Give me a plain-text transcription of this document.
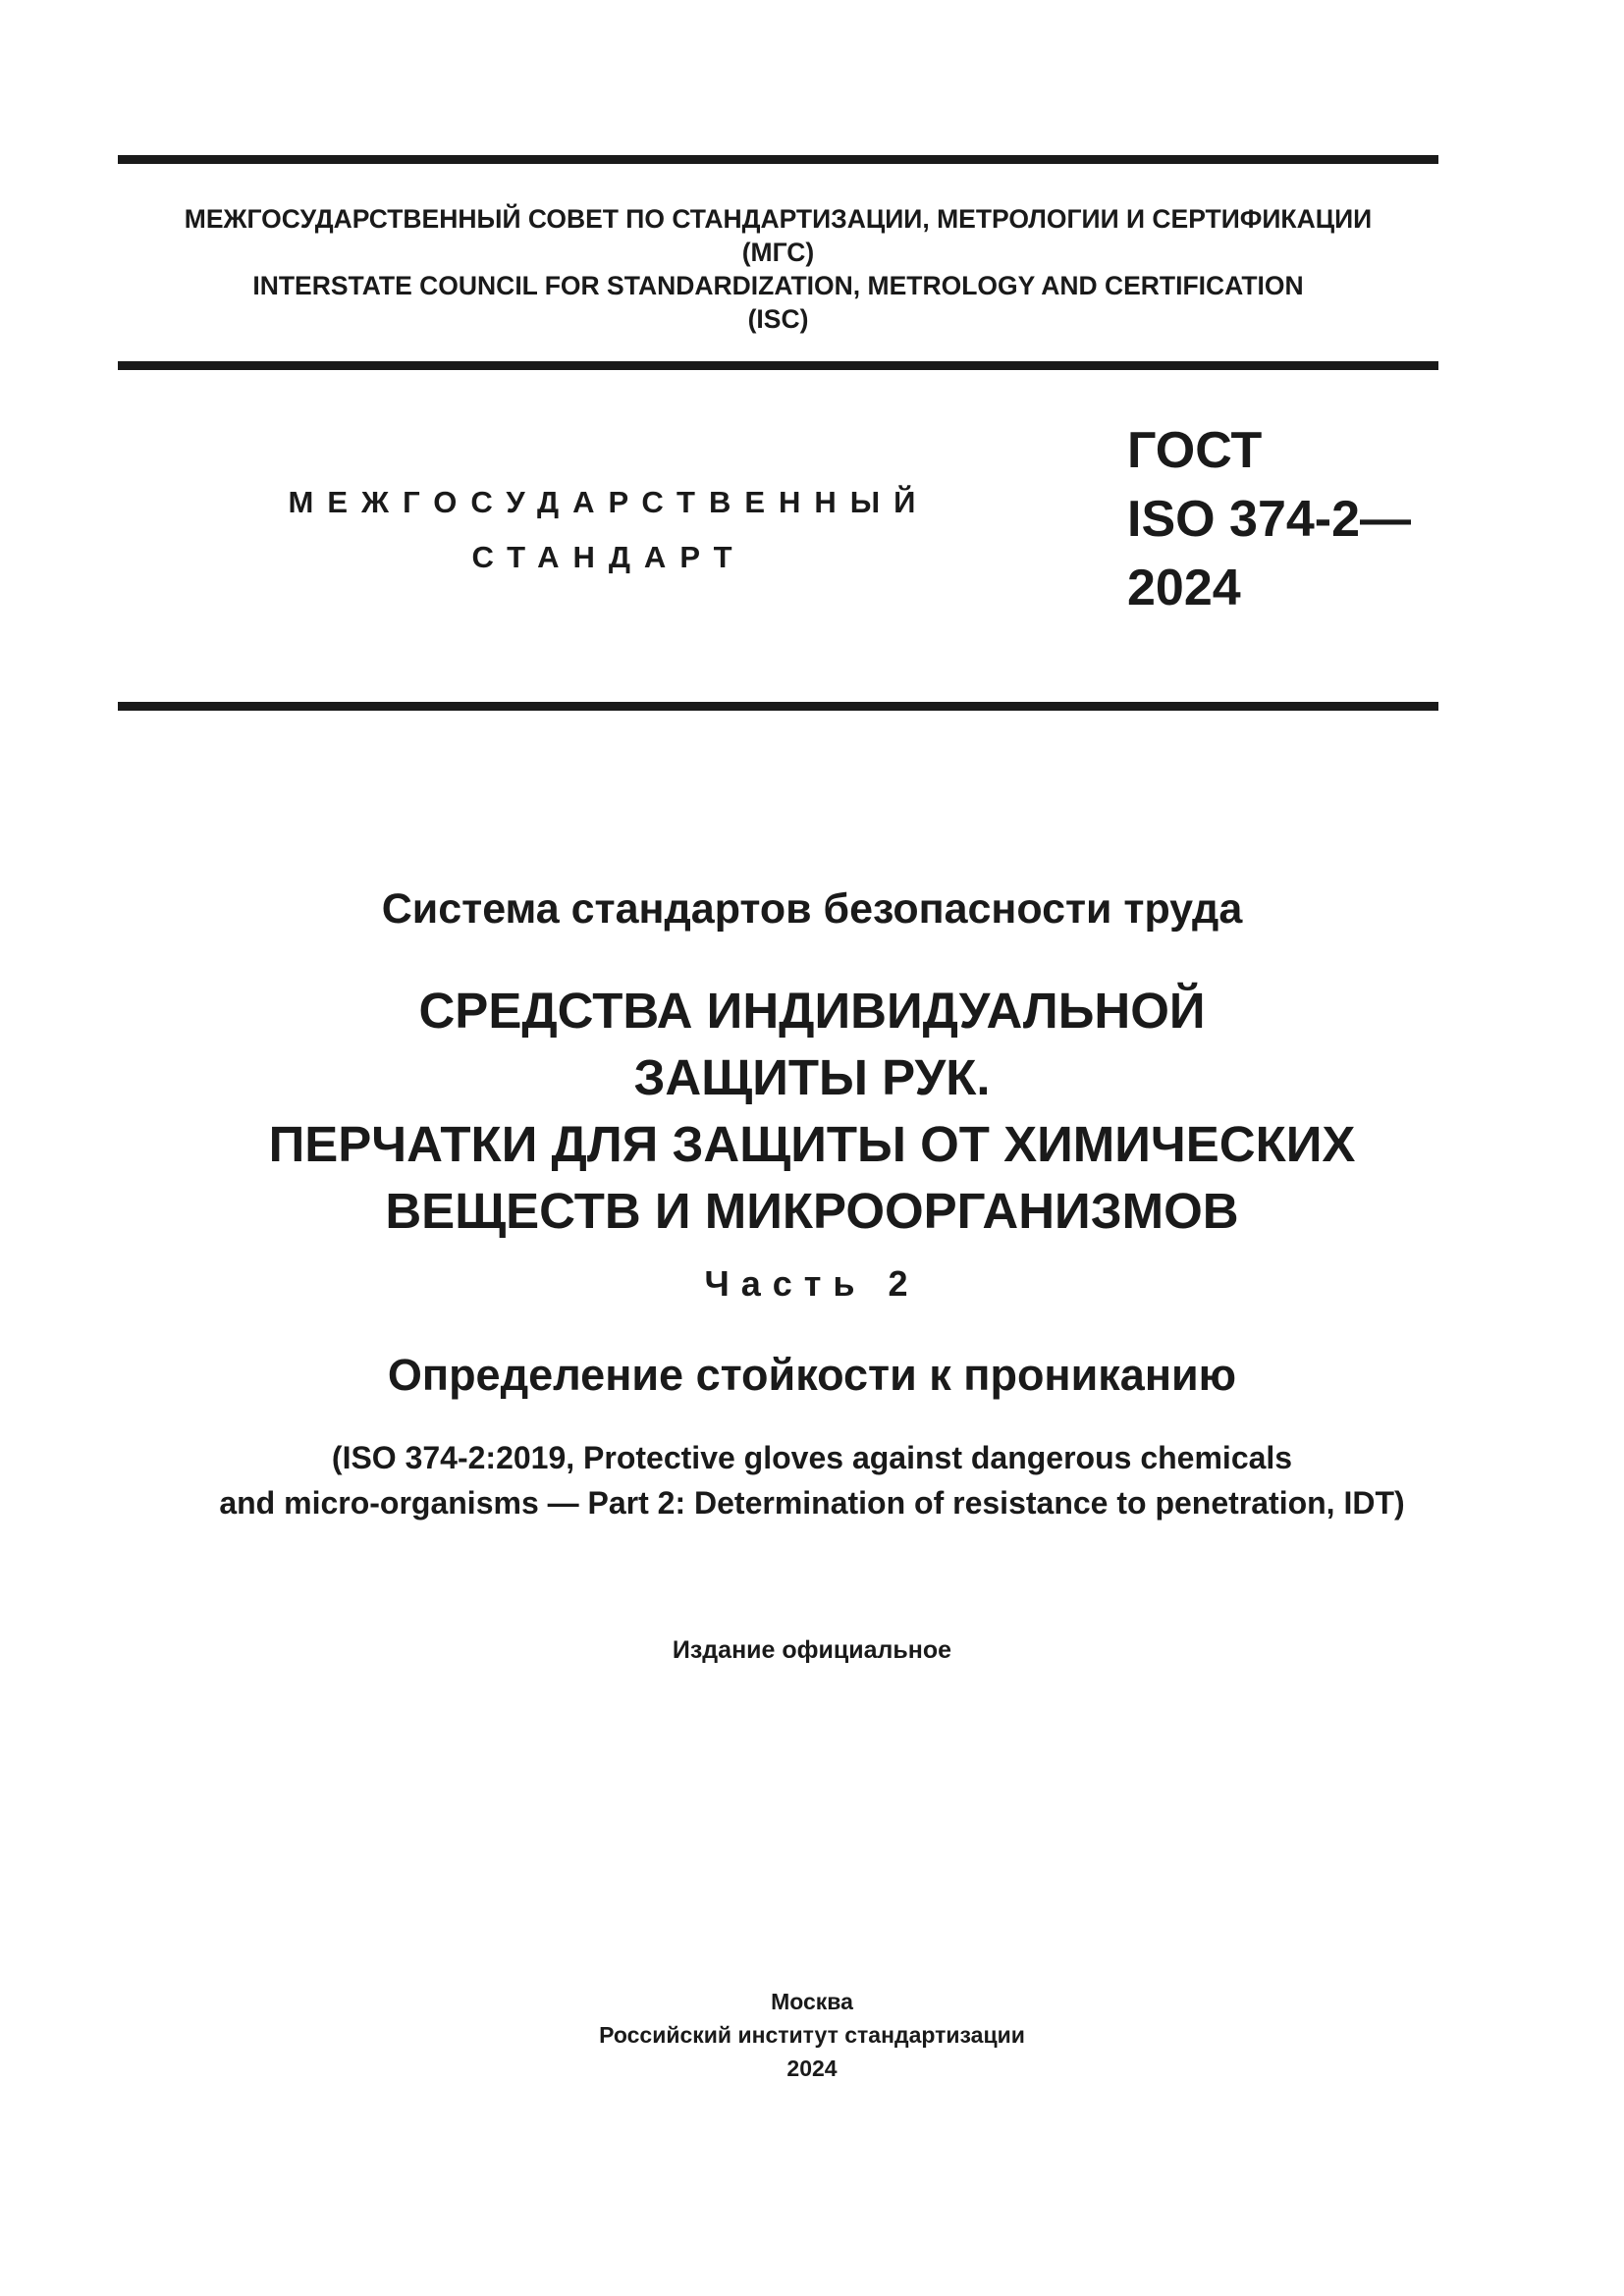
МЕЖГОСУДАРСТВЕННЫЙ СОВЕТ ПО СТАНДАРТИЗАЦИИ, МЕТРОЛОГИИ И СЕРТИФИКАЦИИ
(МГС)
INTERSTATE COUNCIL FOR STANDARDIZATION, METROLOGY AND CERTIFICATION
(ISC)
МЕЖГОСУДАРСТВЕННЫЙ
СТАНДАРТ
ГОСТ
ISO 374-2—
2024
Система стандартов безопасности труда
СРЕДСТВА ИНДИВИДУАЛЬНОЙ
ЗАЩИТЫ РУК.
ПЕРЧАТКИ ДЛЯ ЗАЩИТЫ ОТ ХИМИЧЕСКИХ
ВЕЩЕСТВ И МИКРООРГАНИЗМОВ
Часть 2
Определение стойкости к прониканию
(ISO 374-2:2019, Protective gloves against dangerous chemicals
and micro-organisms — Part 2: Determination of resistance to penetration, IDT)
Издание официальное
Москва
Российский институт стандартизации
2024
